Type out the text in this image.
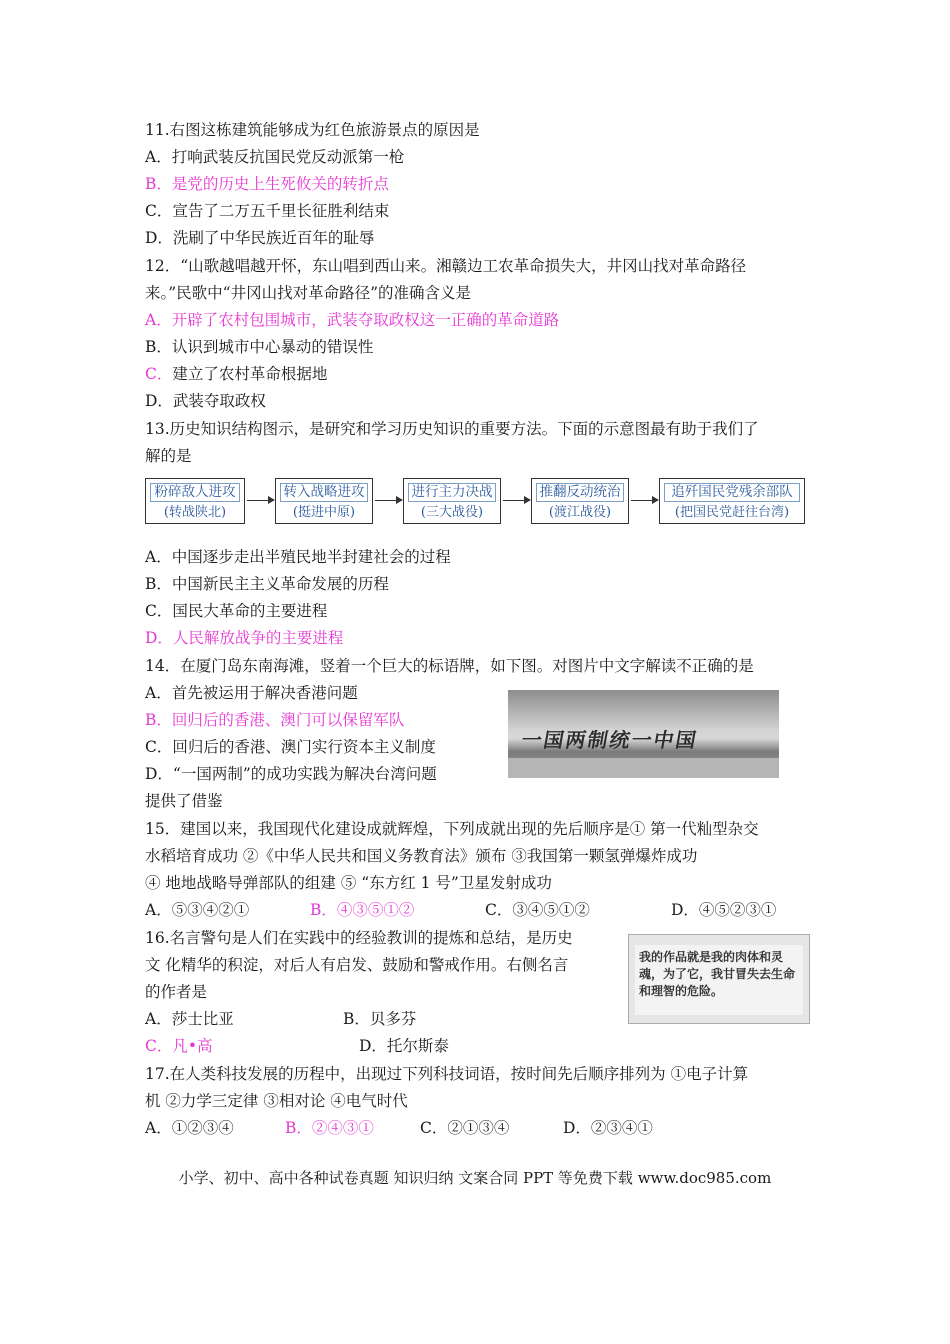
11.右图这栋建筑能够成为红色旅游景点的原因是
A．打响武装反抗国民党反动派第一枪
B．是党的历史上生死攸关的转折点
C．宣告了二万五千里长征胜利结束
D．洗刷了中华民族近百年的耻辱
12．“山歌越唱越开怀，东山唱到西山来。湘赣边工农革命损失大，井冈山找对革命路径
来。”民歌中“井冈山找对革命路径”的准确含义是
A．开辟了农村包围城市，武装夺取政权这一正确的革命道路
B．认识到城市中心暴动的错误性
C．建立了农村革命根据地
D．武装夺取政权
13.历史知识结构图示，是研究和学习历史知识的重要方法。下面的示意图最有助于我们了
解的是
粉碎敌人进攻
(转战陕北)
转入战略进攻
(挺进中原)
进行主力决战
(三大战役)
推翻反动统治
(渡江战役)
追歼国民党残余部队
(把国民党赶往台湾)
A．中国逐步走出半殖民地半封建社会的过程
B．中国新民主主义革命发展的历程
C．国民大革命的主要进程
D．人民解放战争的主要进程
14．在厦门岛东南海滩，竖着一个巨大的标语牌，如下图。对图片中文字解读不正确的是
A．首先被运用于解决香港问题
B．回归后的香港、澳门可以保留军队
C．回归后的香港、澳门实行资本主义制度
D．“一国两制”的成功实践为解决台湾问题
提供了借鉴
一国两制统一中国
15．建国以来，我国现代化建设成就辉煌，下列成就出现的先后顺序是① 第一代籼型杂交
水稻培育成功 ②《中华人民共和国义务教育法》颁布 ③我国第一颗氢弹爆炸成功
④ 地地战略导弹部队的组建 ⑤ “东方红 1 号”卫星发射成功
A．⑤③④②①	B．④③⑤①②	C．③④⑤①②	D．④⑤②③①
16.名言警句是人们在实践中的经验教训的提炼和总结，是历史
文 化精华的积淀，对后人有启发、鼓励和警戒作用。右侧名言
的作者是
A．莎士比亚	B．贝多芬
C．凡•高	D．托尔斯泰
我的作品就是我的肉体和灵魂，为了它，我甘冒失去生命和理智的危险。
17.在人类科技发展的历程中，出现过下列科技词语，按时间先后顺序排列为 ①电子计算
机 ②力学三定律 ③相对论 ④电气时代
A．①②③④	B．②④③①	C．②①③④	D．②③④①
小学、初中、高中各种试卷真题 知识归纳 文案合同 PPT 等免费下载 www.doc985.com
